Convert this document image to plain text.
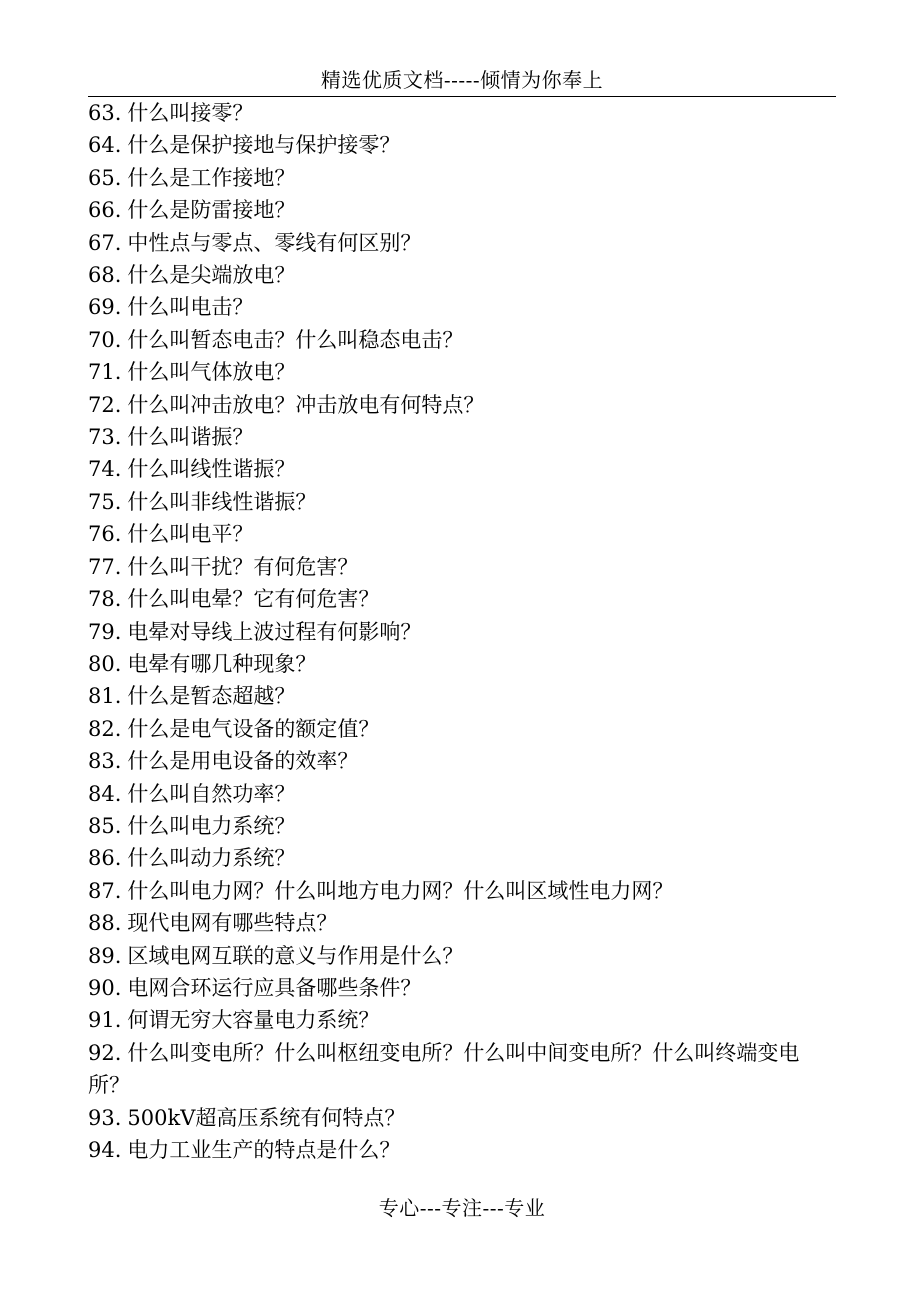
精选优质文档-----倾情为你奉上
63. 什么叫接零？
64. 什么是保护接地与保护接零？
65. 什么是工作接地？
66. 什么是防雷接地？
67. 中性点与零点、零线有何区别？
68. 什么是尖端放电？
69. 什么叫电击？
70. 什么叫暂态电击？什么叫稳态电击？
71. 什么叫气体放电？
72. 什么叫冲击放电？冲击放电有何特点？
73. 什么叫谐振？
74. 什么叫线性谐振？
75. 什么叫非线性谐振？
76. 什么叫电平？
77. 什么叫干扰？有何危害？
78. 什么叫电晕？它有何危害？
79. 电晕对导线上波过程有何影响？
80. 电晕有哪几种现象？
81. 什么是暂态超越？
82. 什么是电气设备的额定值？
83. 什么是用电设备的效率？
84. 什么叫自然功率？
85. 什么叫电力系统？
86. 什么叫动力系统？
87. 什么叫电力网？什么叫地方电力网？什么叫区域性电力网？
88. 现代电网有哪些特点？
89. 区域电网互联的意义与作用是什么？
90. 电网合环运行应具备哪些条件？
91. 何谓无穷大容量电力系统？
92. 什么叫变电所？什么叫枢纽变电所？什么叫中间变电所？什么叫终端变电所？
93. 500kV超高压系统有何特点？
94. 电力工业生产的特点是什么？
专心---专注---专业
